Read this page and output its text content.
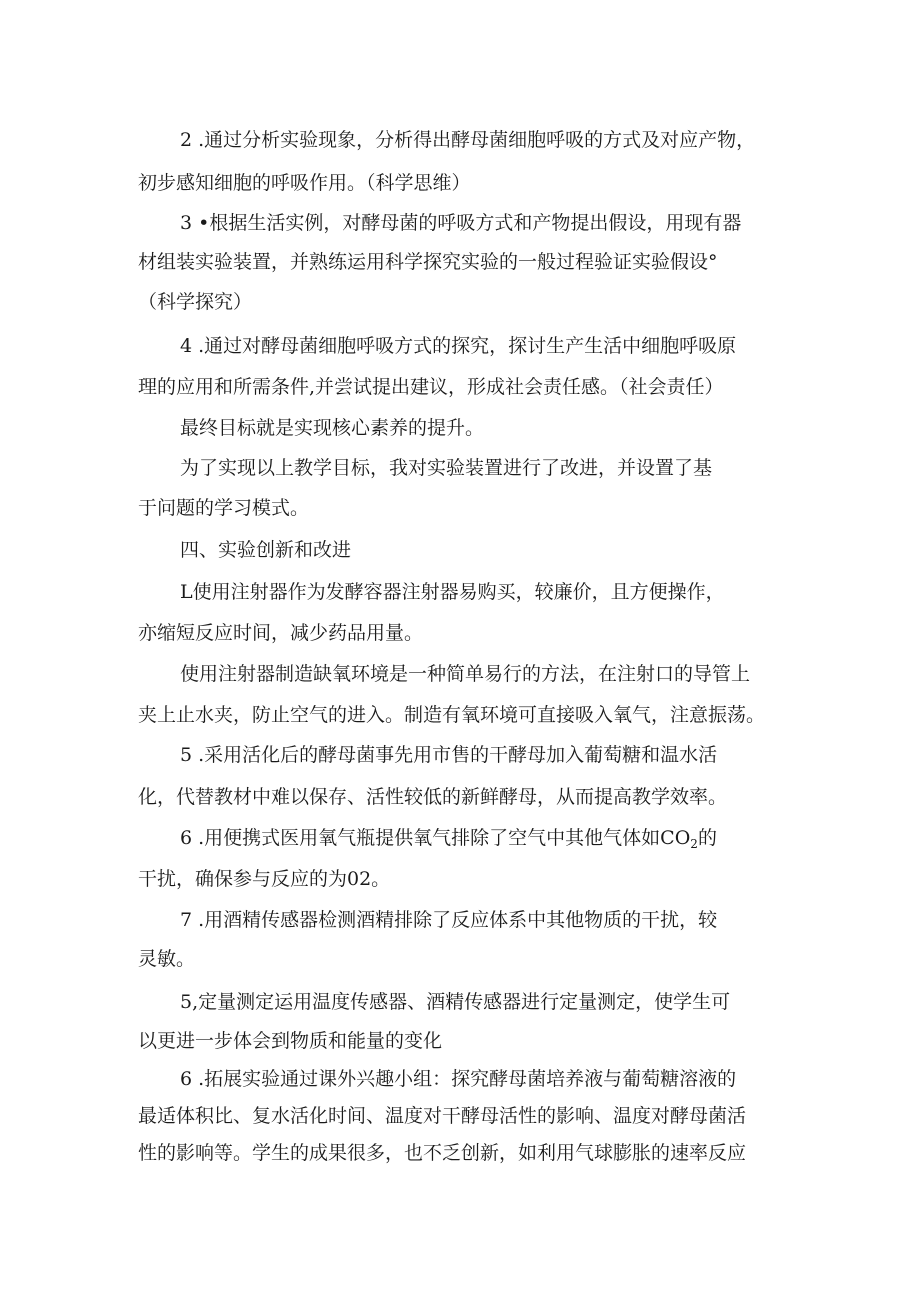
2 .通过分析实验现象，分析得出酵母菌细胞呼吸的方式及对应产物，
初步感知细胞的呼吸作用。（科学思维）
3 •根据生活实例，对酵母菌的呼吸方式和产物提出假设，用现有器
材组装实验装置，并熟练运用科学探究实验的一般过程验证实验假设°
（科学探究）
4 .通过对酵母菌细胞呼吸方式的探究，探讨生产生活中细胞呼吸原
理的应用和所需条件,并尝试提出建议，形成社会责任感。（社会责任）
最终目标就是实现核心素养的提升。
为了实现以上教学目标，我对实验装置进行了改进，并设置了基
于问题的学习模式。
四、实验创新和改进
L使用注射器作为发酵容器注射器易购买，较廉价，且方便操作，
亦缩短反应时间，减少药品用量。
使用注射器制造缺氧环境是一种简单易行的方法，在注射口的导管上
夹上止水夹，防止空气的进入。制造有氧环境可直接吸入氧气，注意振荡。
5 .采用活化后的酵母菌事先用市售的干酵母加入葡萄糖和温水活
化，代替教材中难以保存、活性较低的新鲜酵母，从而提高教学效率。
6 .用便携式医用氧气瓶提供氧气排除了空气中其他气体如$CO_2$的
干扰，确保参与反应的为02。
7 .用酒精传感器检测酒精排除了反应体系中其他物质的干扰，较
灵敏。
5,定量测定运用温度传感器、酒精传感器进行定量测定，使学生可
以更进一步体会到物质和能量的变化
6 .拓展实验通过课外兴趣小组：探究酵母菌培养液与葡萄糖溶液的
最适体积比、复水活化时间、温度对干酵母活性的影响、温度对酵母菌活
性的影响等。学生的成果很多，也不乏创新，如利用气球膨胀的速率反应
